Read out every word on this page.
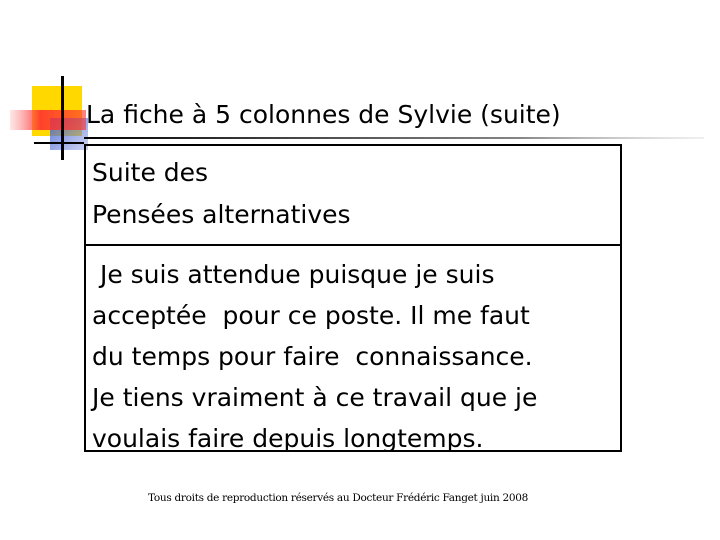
La fiche à 5 colonnes de Sylvie (suite)
Suite des
Pensées alternatives
Je suis attendue puisque je suis
acceptée  pour ce poste. Il me faut
du temps pour faire  connaissance.
Je tiens vraiment à ce travail que je
voulais faire depuis longtemps.
Tous droits de reproduction réservés au Docteur Frédéric Fanget juin 2008
